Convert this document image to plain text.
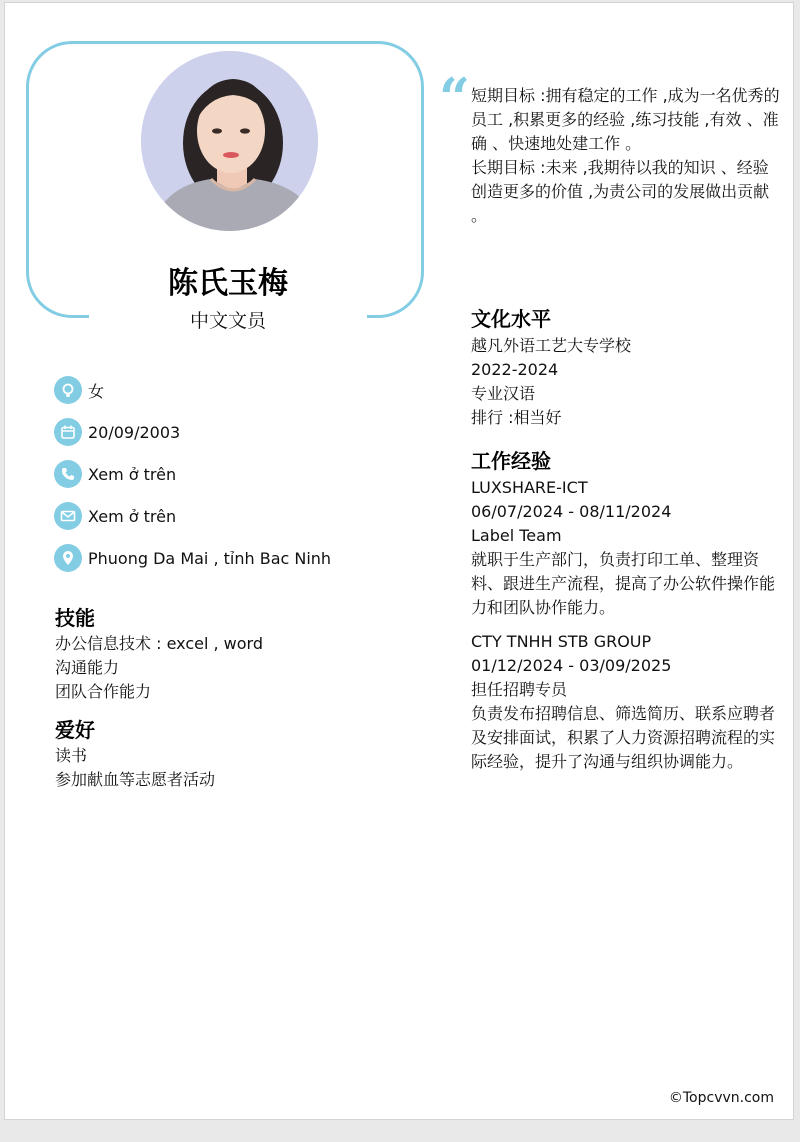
陈氏玉梅
中文文员
女
20/09/2003
Xem ở trên
Xem ở trên
Phuong Da Mai , tỉnh Bac Ninh
技能
办公信息技术 : excel , word
沟通能力
团队合作能力
爱好
读书
参加献血等志愿者活动
“ 短期目标 :拥有稳定的工作 ,成为一名优秀的员工 ,积累更多的经验 ,练习技能 ,有效 、准确 、快速地处建工作 。
长期目标 :未来 ,我期待以我的知识 、经验创造更多的价值 ,为责公司的发展做出贡献 。
文化水平
越凡外语工艺大专学校
2022-2024
专业汉语
排行 :相当好
工作经验
LUXSHARE-ICT
06/07/2024 - 08/11/2024
Label Team
就职于生产部门，负责打印工单、整理资料、跟进生产流程，提高了办公软件操作能力和团队协作能力。
CTY TNHH STB GROUP
01/12/2024 - 03/09/2025
担任招聘专员
负责发布招聘信息、筛选简历、联系应聘者及安排面试，积累了人力资源招聘流程的实际经验，提升了沟通与组织协调能力。
©Topcvvn.com
